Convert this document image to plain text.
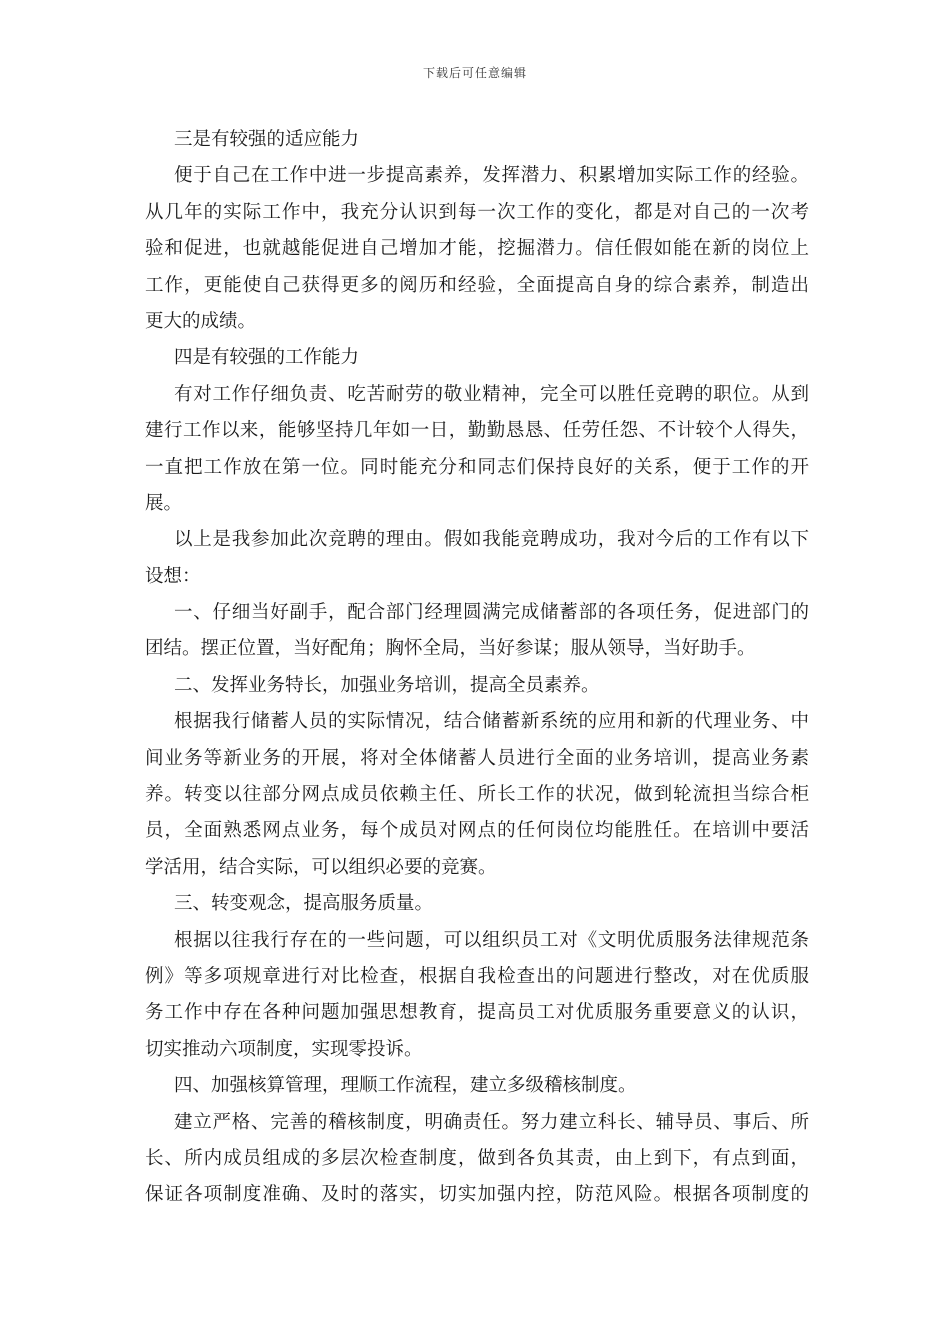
下载后可任意编辑
三是有较强的适应能力
便于自己在工作中进一步提高素养，发挥潜力、积累增加实际工作的经验。
从几年的实际工作中，我充分认识到每一次工作的变化，都是对自己的一次考
验和促进，也就越能促进自己增加才能，挖掘潜力。信任假如能在新的岗位上
工作，更能使自己获得更多的阅历和经验，全面提高自身的综合素养，制造出
更大的成绩。
四是有较强的工作能力
有对工作仔细负责、吃苦耐劳的敬业精神，完全可以胜任竞聘的职位。从到
建行工作以来，能够坚持几年如一日，勤勤恳恳、任劳任怨、不计较个人得失，
一直把工作放在第一位。同时能充分和同志们保持良好的关系，便于工作的开
展。
以上是我参加此次竞聘的理由。假如我能竞聘成功，我对今后的工作有以下
设想：
一、仔细当好副手，配合部门经理圆满完成储蓄部的各项任务，促进部门的
团结。摆正位置，当好配角；胸怀全局，当好参谋；服从领导，当好助手。
二、发挥业务特长，加强业务培训，提高全员素养。
根据我行储蓄人员的实际情况，结合储蓄新系统的应用和新的代理业务、中
间业务等新业务的开展，将对全体储蓄人员进行全面的业务培训，提高业务素
养。转变以往部分网点成员依赖主任、所长工作的状况，做到轮流担当综合柜
员，全面熟悉网点业务，每个成员对网点的任何岗位均能胜任。在培训中要活
学活用，结合实际，可以组织必要的竞赛。
三、转变观念，提高服务质量。
根据以往我行存在的一些问题，可以组织员工对《文明优质服务法律规范条
例》等多项规章进行对比检查，根据自我检查出的问题进行整改，对在优质服
务工作中存在各种问题加强思想教育，提高员工对优质服务重要意义的认识，
切实推动六项制度，实现零投诉。
四、加强核算管理，理顺工作流程，建立多级稽核制度。
建立严格、完善的稽核制度，明确责任。努力建立科长、辅导员、事后、所
长、所内成员组成的多层次检查制度，做到各负其责，由上到下，有点到面，
保证各项制度准确、及时的落实，切实加强内控，防范风险。根据各项制度的
